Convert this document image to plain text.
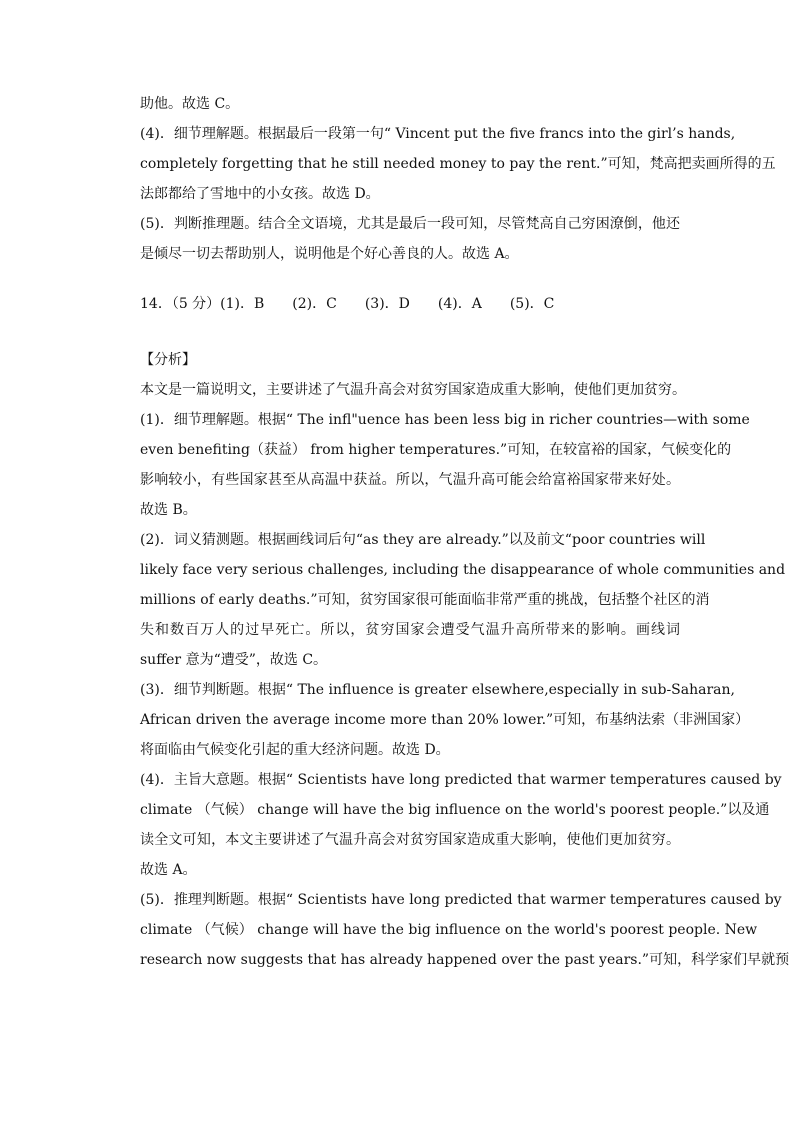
助他。故选 C。
(4)．细节理解题。根据最后一段第一句“ Vincent put the five francs into the girl’s hands,
completely forgetting that he still needed money to pay the rent.”可知，梵高把卖画所得的五
法郎都给了雪地中的小女孩。故选 D。
(5)．判断推理题。结合全文语境，尤其是最后一段可知，尽管梵高自己穷困潦倒，他还
是倾尽一切去帮助别人，说明他是个好心善良的人。故选 A。
14．（5 分）(1)．B　　(2)．C　　(3)．D　　(4)．A　　(5)．C
【分析】
本文是一篇说明文，主要讲述了气温升高会对贫穷国家造成重大影响，使他们更加贫穷。
(1)．细节理解题。根据“ The infl"uence has been less big in richer countries—with some
even benefiting（获益） from higher temperatures.”可知，在较富裕的国家，气候变化的
影响较小，有些国家甚至从高温中获益。所以，气温升高可能会给富裕国家带来好处。
故选 B。
(2)．词义猜测题。根据画线词后句“as they are already.”以及前文“poor countries will
likely face very serious challenges, including the disappearance of whole communities and
millions of early deaths.”可知，贫穷国家很可能面临非常严重的挑战，包括整个社区的消
失和数百万人的过早死亡。所以，贫穷国家会遭受气温升高所带来的影响。画线词
suffer 意为“遭受”，故选 C。
(3)．细节判断题。根据“ The influence is greater elsewhere,especially in sub-Saharan,
African driven the average income more than 20% lower.”可知，布基纳法索（非洲国家）
将面临由气候变化引起的重大经济问题。故选 D。
(4)．主旨大意题。根据“ Scientists have long predicted that warmer temperatures caused by
climate （气候） change will have the big influence on the world's poorest people.”以及通
读全文可知，本文主要讲述了气温升高会对贫穷国家造成重大影响，使他们更加贫穷。
故选 A。
(5)．推理判断题。根据“ Scientists have long predicted that warmer temperatures caused by
climate （气候） change will have the big influence on the world's poorest people. New
research now suggests that has already happened over the past years.”可知，科学家们早就预
